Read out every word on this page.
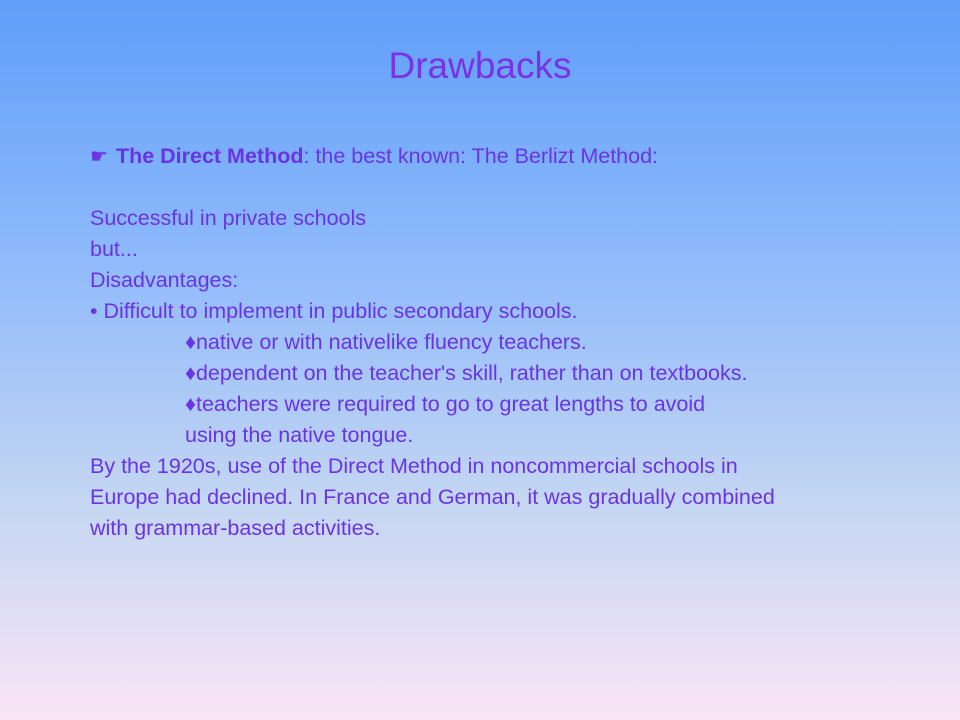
Drawbacks
☛ The Direct Method: the best known: The Berlizt Method:
Successful in private schools
but...
Disadvantages:
• Difficult to implement in public secondary schools.
♦native or with nativelike fluency teachers.
♦dependent on the teacher's skill, rather than on textbooks.
♦teachers were required to go to great lengths to avoid
using the native tongue.
By the 1920s, use of the Direct Method in noncommercial schools in
Europe had declined. In France and German, it was gradually combined
with grammar-based activities.
